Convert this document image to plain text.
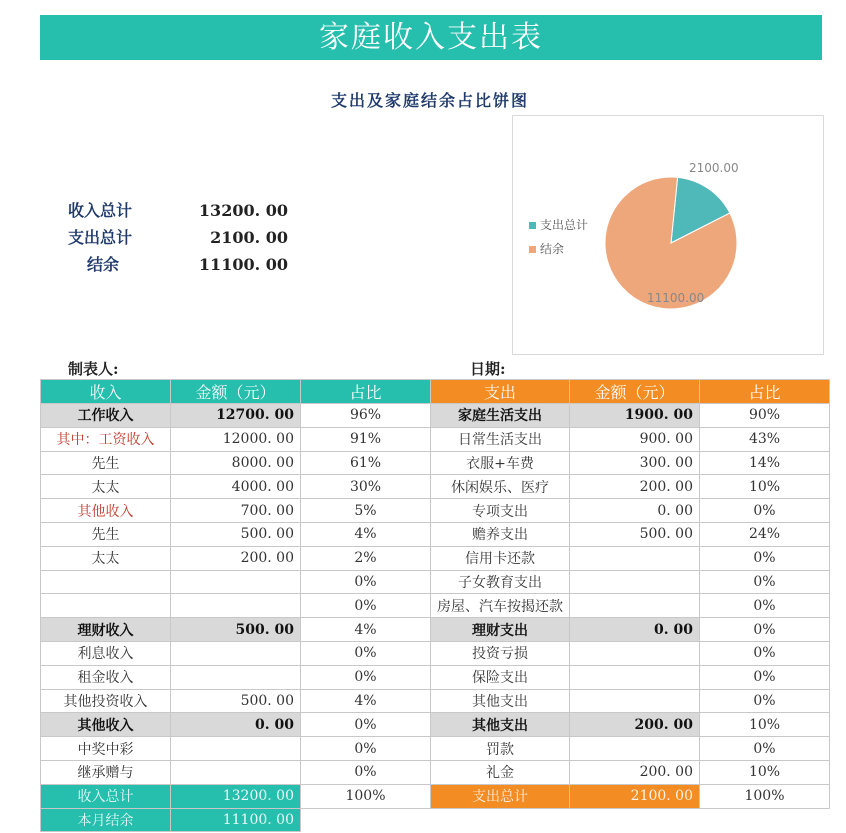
家庭收入支出表
支出及家庭结余占比饼图
收入总计	13200. 00
支出总计	2100. 00
结余	11100. 00
支出总计
结余
2100.00
11100.00
制表人:	日期:
收入	金额（元）	占比	支出	金额（元）	占比
工作收入	12700. 00	96%	家庭生活支出	1900. 00	90%
其中：工资收入	12000. 00	91%	日常生活支出	900. 00	43%
先生	8000. 00	61%	衣服+车费	300. 00	14%
太太	4000. 00	30%	休闲娱乐、医疗	200. 00	10%
其他收入	700. 00	5%	专项支出	0. 00	0%
先生	500. 00	4%	赡养支出	500. 00	24%
太太	200. 00	2%	信用卡还款		0%
		0%	子女教育支出		0%
		0%	房屋、汽车按揭还款		0%
理财收入	500. 00	4%	理财支出	0. 00	0%
利息收入		0%	投资亏损		0%
租金收入		0%	保险支出		0%
其他投资收入	500. 00	4%	其他支出		0%
其他收入	0. 00	0%	其他支出	200. 00	10%
中奖中彩		0%	罚款		0%
继承赠与		0%	礼金	200. 00	10%
收入总计	13200. 00	100%	支出总计	2100. 00	100%
本月结余	11100. 00				
